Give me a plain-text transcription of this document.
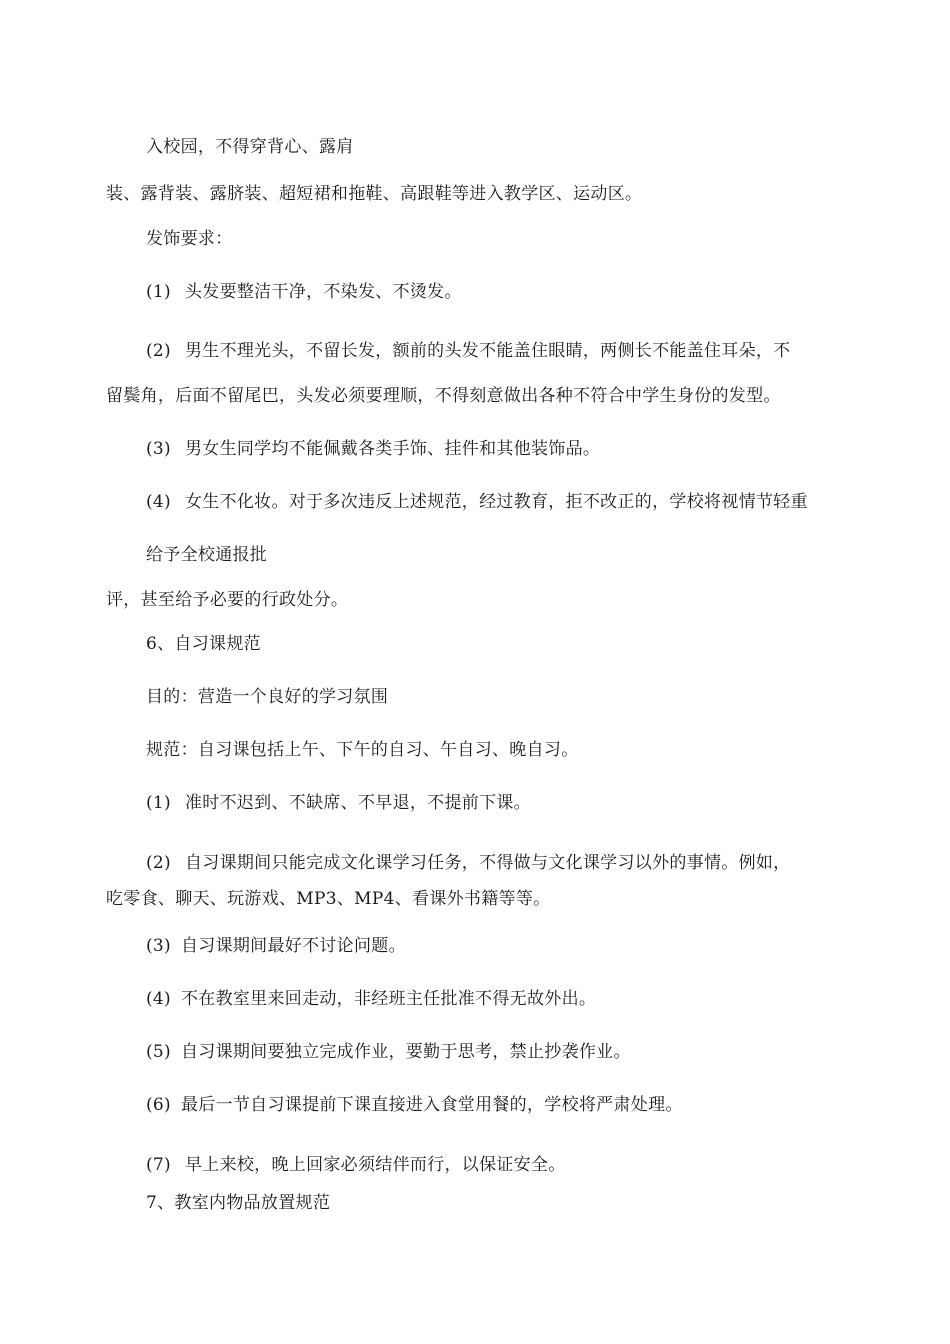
入校园，不得穿背心、露肩
装、露背装、露脐装、超短裙和拖鞋、高跟鞋等进入教学区、运动区。
发饰要求：
(1) 头发要整洁干净，不染发、不烫发。
(2) 男生不理光头，不留长发，额前的头发不能盖住眼睛，两侧长不能盖住耳朵，不
留鬓角，后面不留尾巴，头发必须要理顺，不得刻意做出各种不符合中学生身份的发型。
(3) 男女生同学均不能佩戴各类手饰、挂件和其他装饰品。
(4) 女生不化妆。对于多次违反上述规范，经过教育，拒不改正的，学校将视情节轻重
给予全校通报批
评，甚至给予必要的行政处分。
6、自习课规范
目的：营造一个良好的学习氛围
规范：自习课包括上午、下午的自习、午自习、晚自习。
(1) 准时不迟到、不缺席、不早退，不提前下课。
(2) 自习课期间只能完成文化课学习任务，不得做与文化课学习以外的事情。例如，
吃零食、聊天、玩游戏、MP3、MP4、看课外书籍等等。
(3) 自习课期间最好不讨论问题。
(4) 不在教室里来回走动，非经班主任批准不得无故外出。
(5) 自习课期间要独立完成作业，要勤于思考，禁止抄袭作业。
(6) 最后一节自习课提前下课直接进入食堂用餐的，学校将严肃处理。
(7) 早上来校，晚上回家必须结伴而行，以保证安全。
7、教室内物品放置规范
